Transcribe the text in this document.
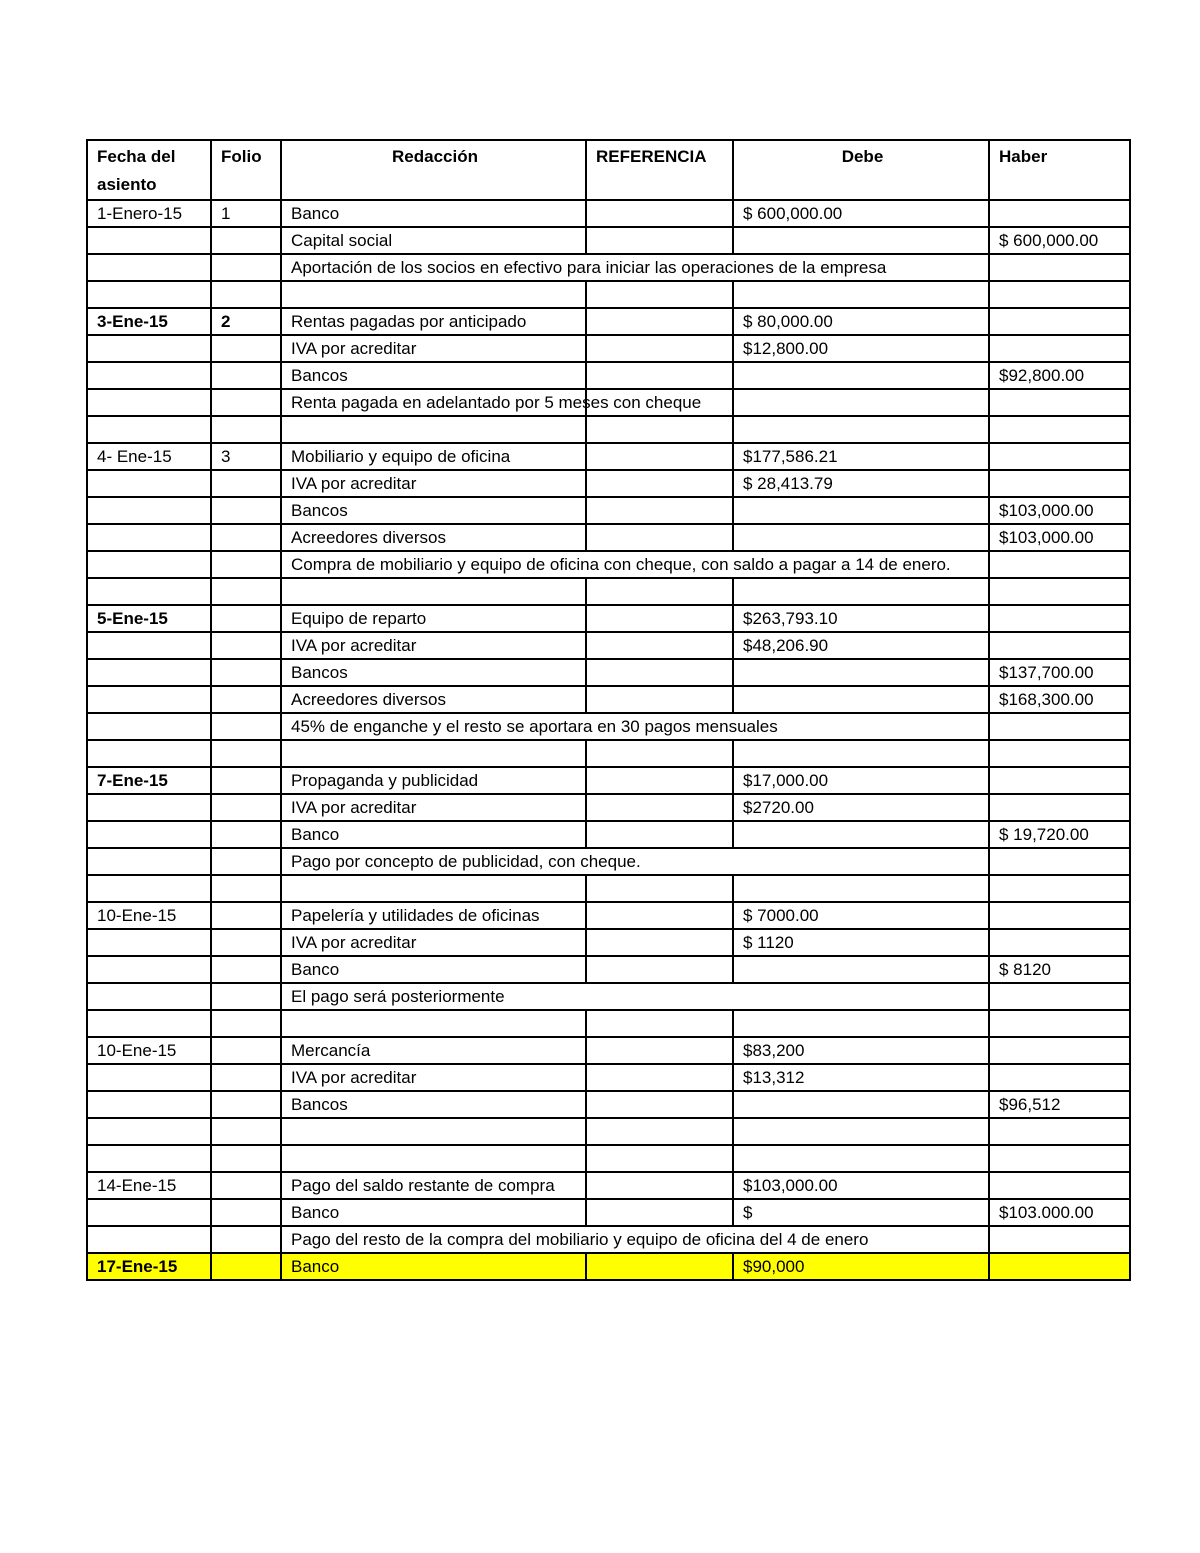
Fecha del asiento	Folio	Redacción	REFERENCIA	Debe	Haber
1-Enero-15	1	Banco		$ 600,000.00	
		Capital social			$ 600,000.00
		Aportación de los socios en efectivo para iniciar las operaciones de la empresa			

3-Ene-15	2	Rentas pagadas por anticipado		$ 80,000.00	
		IVA por acreditar		$12,800.00	
		Bancos			$92,800.00
		Renta pagada en adelantado por 5 meses con cheque			

4- Ene-15	3	Mobiliario y equipo de oficina		$177,586.21	
		IVA por acreditar		$ 28,413.79	
		Bancos			$103,000.00
		Acreedores diversos			$103,000.00
		Compra de mobiliario y equipo de oficina con cheque, con saldo a pagar a 14 de enero.			

5-Ene-15		Equipo de reparto		$263,793.10	
		IVA por acreditar		$48,206.90	
		Bancos			$137,700.00
		Acreedores diversos			$168,300.00
		45% de enganche y el resto se aportara en 30 pagos mensuales			

7-Ene-15		Propaganda y publicidad		$17,000.00	
		IVA por acreditar		$2720.00	
		Banco			$ 19,720.00
		Pago por concepto de publicidad, con cheque.			

10-Ene-15		Papelería y utilidades de oficinas		$ 7000.00	
		IVA por acreditar		$ 1120	
		Banco			$ 8120
		El pago será posteriormente			

10-Ene-15		Mercancía		$83,200	
		IVA por acreditar		$13,312	
		Bancos			$96,512

14-Ene-15		Pago del saldo restante de compra		$103,000.00	
		Banco		$	$103.000.00
		Pago del resto de la compra del mobiliario y equipo de oficina del 4 de enero			
17-Ene-15		Banco		$90,000	
